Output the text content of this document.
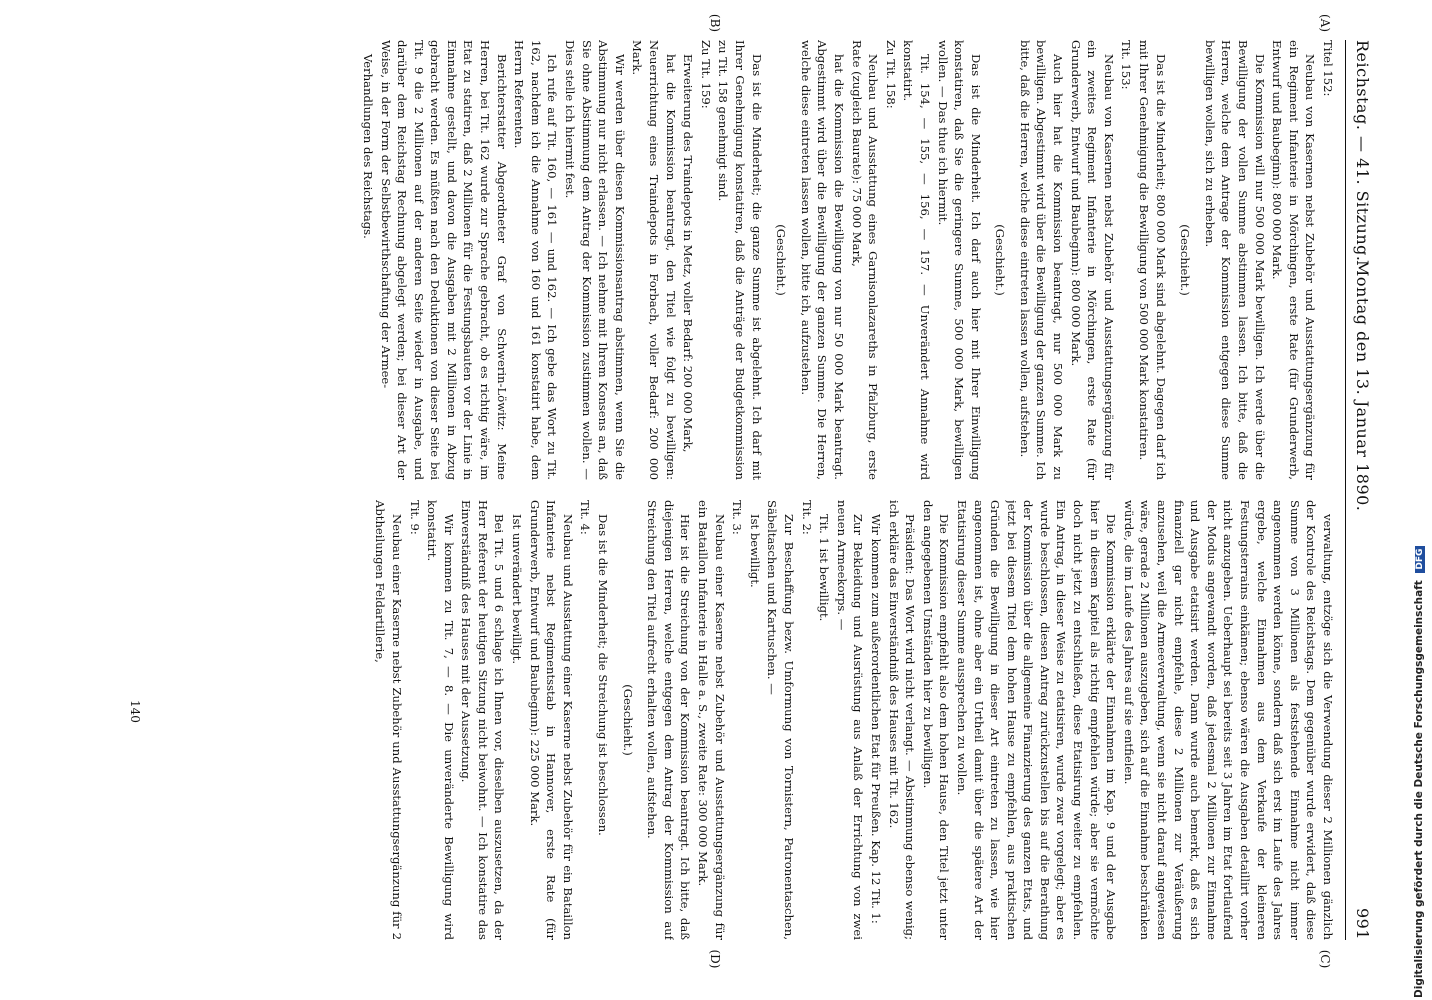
Reichstag. — 41. Sitzung.
Montag den 13. Januar 1890.
991
(A)
(B)
(C)
(D)

Titel 152:

Neubau von Kasernen nebst Zubehör und Ausstattungsergänzung für ein Regiment Infanterie in Mörchingen, erste Rate (für Grunderwerb, Entwurf und Baubeginn): 800 000 Mark.

Die Kommission will nur 500 000 Mark bewilligen. Ich werde über die Bewilligung der vollen Summe abstimmen lassen. Ich bitte, daß die Herren, welche dem Antrage der Kommission entgegen diese Summe bewilligen wollen, sich zu erheben.

(Geschieht.)

Das ist die Minderheit; 800 000 Mark sind abgelehnt. Dagegen darf ich mit Ihrer Genehmigung die Bewilligung von 500 000 Mark konstatiren.

Tit. 153:

Neubau von Kasernen nebst Zubehör und Ausstattungsergänzung für ein zweites Regiment Infanterie in Mörchingen, erste Rate (für Grunderwerb, Entwurf und Baubeginn): 800 000 Mark.

Auch hier hat die Kommission beantragt, nur 500 000 Mark zu bewilligen. Abgestimmt wird über die Bewilligung der ganzen Summe. Ich bitte, daß die Herren, welche diese eintreten lassen wollen, aufstehen.

(Geschieht.)

Das ist die Minderheit. Ich darf auch hier mit Ihrer Einwilligung konstatiren, daß Sie die geringere Summe, 500 000 Mark, bewilligen wollen. — Das thue ich hiermit.

Tit. 154, — 155, — 156, — 157. — Unverändert Annahme wird konstatirt.

Zu Tit. 158:

Neubau und Ausstattung eines Garnisonlazareths in Pfalzburg, erste Rate (zugleich Baurate): 75 000 Mark,

hat die Kommission die Bewilligung von nur 50 000 Mark beantragt. Abgestimmt wird über die Bewilligung der ganzen Summe. Die Herren, welche diese eintreten lassen wollen, bitte ich, aufzustehen.

(Geschieht.)

Das ist die Minderheit; die ganze Summe ist abgelehnt. Ich darf mit Ihrer Genehmigung konstatiren, daß die Anträge der Budgetkommission zu Tit. 158 genehmigt sind.

Zu Tit. 159:

Erweiterung des Traindepots in Metz, voller Bedarf: 200 000 Mark,

hat die Kommission beantragt, den Titel wie folgt zu bewilligen: Neuerrichtung eines Traindepots in Forbach, voller Bedarf: 200 000 Mark.

Wir werden über diesen Kommissionsantrag abstimmen, wenn Sie die Abstimmung nur nicht erlassen. — Ich nehme mit Ihrem Konsens an, daß Sie ohne Abstimmung dem Antrag der Kommission zustimmen wollen. — Dies stelle ich hiermit fest.

Ich rufe auf Tit. 160, — 161 — und 162. — Ich gebe das Wort zu Tit. 162, nachdem ich die Annahme von 160 und 161 konstatirt habe, dem Herrn Referenten.

Berichterstatter Abgeordneter Graf von Schwerin-Löwitz: Meine Herren, bei Tit. 162 wurde zur Sprache gebracht, ob es richtig wäre, im Etat zu statiren, daß 2 Millionen für die Festungsbauten vor der Linie in Einnahme gestellt, und davon die Ausgaben mit 2 Millionen in Abzug gebracht werden. Es müßten nach den Deduktionen von dieser Seite bei Tit. 9 die 2 Millionen auf der anderen Seite wieder in Ausgabe, und darüber dem Reichstag Rechnung abgelegt werden; bei dieser Art der Weise, in der Form der Selbstbewirthschaftung der Armee-

Verhandlungen des Reichstags.

verwaltung, entzöge sich die Verwendung dieser 2 Millionen gänzlich der Kontrole des Reichstags. Dem gegenüber wurde erwidert, daß diese Summe von 3 Millionen als feststehende Einnahme nicht immer angenommen werden könne, sondern daß sich erst im Laufe des Jahres ergebe, welche Einnahmen aus dem Verkaufe der kleineren Festungsterrains einkämen; ebenso wären die Ausgaben detaillirt vorher nicht anzugeben. Ueberhaupt sei bereits seit 3 Jahren im Etat fortlaufend der Modus angewandt worden, daß jedesmal 2 Millionen zur Einnahme und Ausgabe etatisirt werden. Dann wurde auch bemerkt, daß es sich finanziell gar nicht empfehle, diese 2 Millionen zur Veräußerung anzusehen, weil die Armeeverwaltung, wenn sie nicht darauf angewiesen wäre, gerade 2 Millionen auszugeben, sich auf die Einnahme beschränken würde, die im Laufe des Jahres auf sie entfielen.

Die Kommission erklärte der Einnahmen im Kap. 9 und der Ausgabe hier in diesem Kapitel als richtig empfehlen würde; aber sie vermöchte doch nicht jetzt zu entschließen, diese Etatisirung weiter zu empfehlen. Ein Antrag, in dieser Weise zu etatisiren, wurde zwar vorgelegt; aber es wurde beschlossen, diesen Antrag zurückzustellen bis auf die Berathung der Kommission über die allgemeine Finanzierung des ganzen Etats, und jetzt bei diesem Titel dem hohen Hause zu empfehlen, aus praktischen Gründen die Bewilligung in dieser Art eintreten zu lassen, wie hier angenommen ist, ohne aber ein Urtheil damit über die spätere Art der Etatisirung dieser Summe aussprechen zu wollen.

Die Kommission empfiehlt also dem hohen Hause, den Titel jetzt unter den angegebenen Umständen hier zu bewilligen.

Präsident: Das Wort wird nicht verlangt. — Abstimmung ebenso wenig; ich erkläre das Einverständniß des Hauses mit Tit. 162.

Wir kommen zum außerordentlichen Etat für Preußen. Kap. 12 Tit. 1:

Zur Bekleidung und Ausrüstung aus Anlaß der Errichtung von zwei neuen Armeekorps. —

Tit. 1 ist bewilligt.

Tit. 2:

Zur Beschaffung bezw. Umformung von Tornistern, Patronentaschen, Säbeltaschen und Kartuschen. —

Ist bewilligt.

Tit. 3:

Neubau einer Kaserne nebst Zubehör und Ausstattungsergänzung für ein Bataillon Infanterie in Halle a. S., zweite Rate: 300 000 Mark.

Hier ist die Streichung von der Kommission beantragt. Ich bitte, daß diejenigen Herren, welche entgegen dem Antrag der Kommission auf Streichung den Titel aufrecht erhalten wollen, aufstehen.

(Geschieht.)

Das ist die Minderheit; die Streichung ist beschlossen.

Tit. 4:

Neubau und Ausstattung einer Kaserne nebst Zubehör für ein Bataillon Infanterie nebst Regimentsstab in Hannover, erste Rate (für Grunderwerb, Entwurf und Baubeginn): 225 000 Mark.

Ist unverändert bewilligt.

Bei Tit. 5 und 6 schlage ich Ihnen vor, dieselben auszusetzen, da der Herr Referent der heutigen Sitzung nicht beiwohnt. — Ich konstatire das Einverständniß des Hauses mit der Aussetzung.

Wir kommen zu Tit. 7, — 8. — Die unveränderte Bewilligung wird konstatirt.

Tit. 9:

Neubau einer Kaserne nebst Zubehör und Ausstattungsergänzung für 2 Abtheilungen Feldartillerie,

140	Digitalisierung gefördert durch die Deutsche Forschungsgemeinschaft DFG
